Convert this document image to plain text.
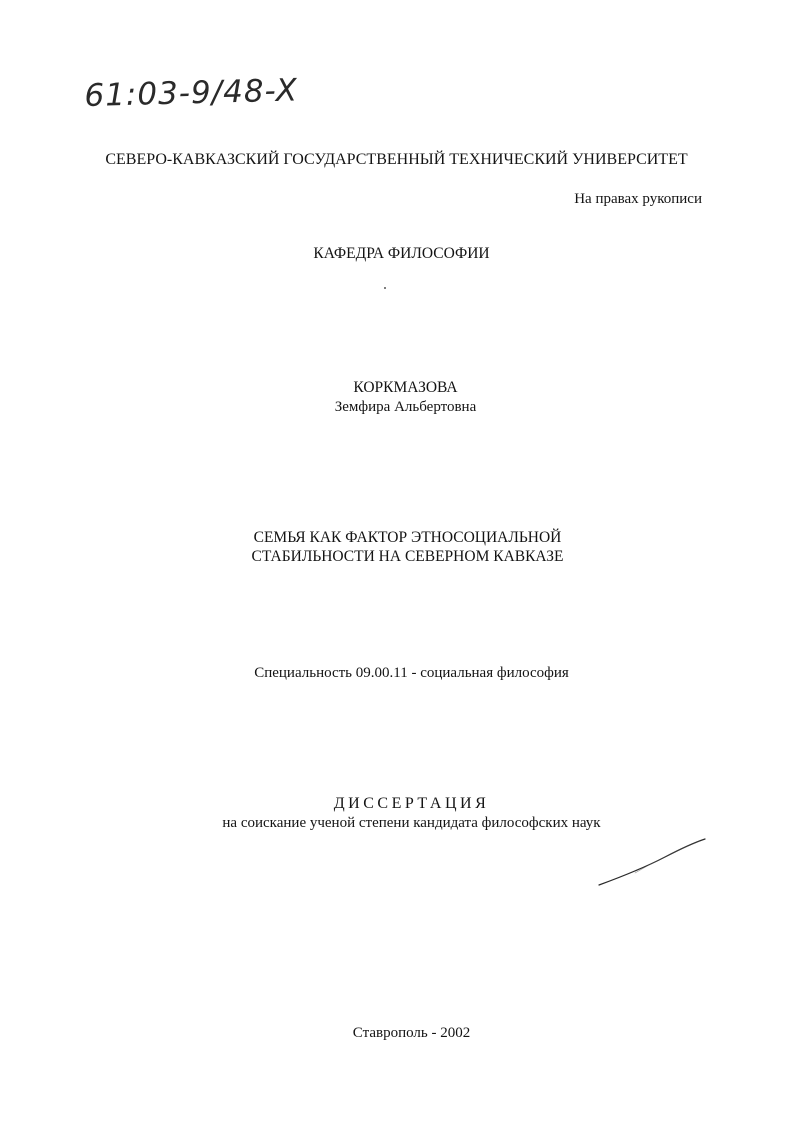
61:03-9/48-X
СЕВЕРО-КАВКАЗСКИЙ ГОСУДАРСТВЕННЫЙ ТЕХНИЧЕСКИЙ УНИВЕРСИТЕТ
На правах рукописи
КАФЕДРА ФИЛОСОФИИ
КОРКМАЗОВА
Земфира Альбертовна
СЕМЬЯ КАК ФАКТОР ЭТНОСОЦИАЛЬНОЙ
СТАБИЛЬНОСТИ НА СЕВЕРНОМ КАВКАЗЕ
Специальность 09.00.11 - социальная философия
ДИССЕРТАЦИЯ
на соискание ученой степени кандидата философских наук
Ставрополь - 2002
